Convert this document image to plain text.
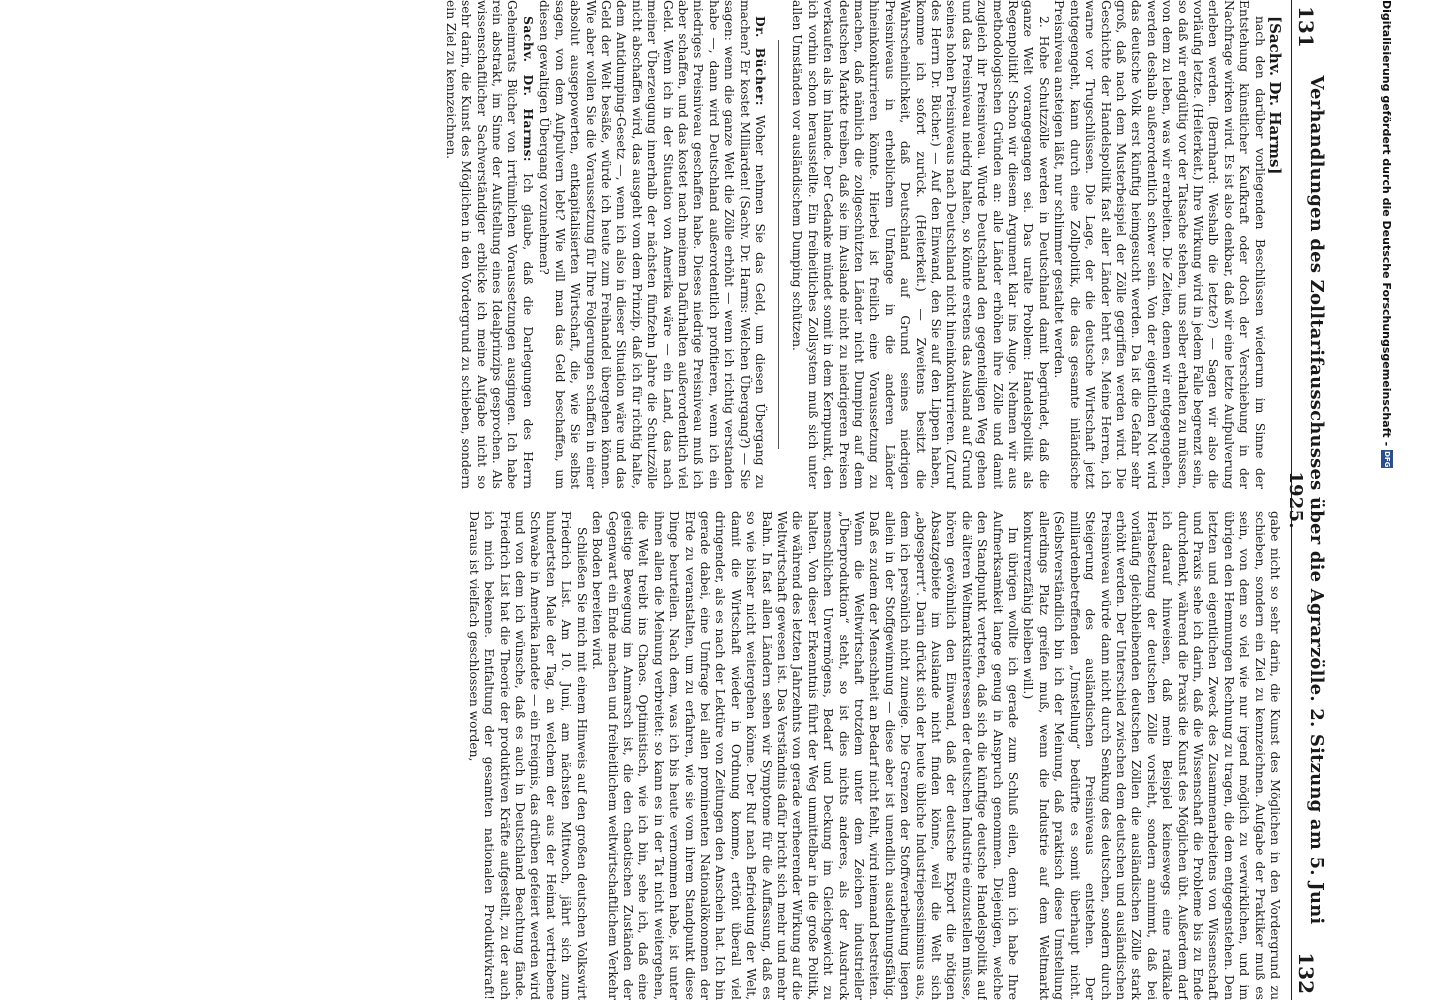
131
Verhandlungen des Zolltarifausschusses über die Agrarzölle. 2. Sitzung am 5. Juni 1925.
132

[Sachv. Dr. Harms]

nach den darüber vorliegenden Beschlüssen wiederum im Sinne der Entstehung künstlicher Kaufkraft oder doch der Verschiebung in der Nachfrage wirken wird. Es ist also denkbar, daß wir eine letzte Aufpulverung erleben werden. (Bernhard: Weshalb die letzte?) — Sagen wir also die vorläufig letzte. (Heiterkeit.) Ihre Wirkung wird in jedem Falle begrenzt sein, so daß wir endgültig vor der Tatsache stehen, uns selber erhalten zu müssen, von dem zu leben, was wir erarbeiten. Die Zeiten, denen wir entgegengehen, werden deshalb außerordentlich schwer sein. Von der eigentlichen Not wird das deutsche Volk erst künftig heimgesucht werden. Da ist die Gefahr sehr groß, daß nach dem Musterbeispiel der Zölle gegriffen werden wird. Die Geschichte der Handelspolitik fast aller Länder lehrt es. Meine Herren, ich warne vor Trugschlüssen. Die Lage, der die deutsche Wirtschaft jetzt entgegengeht, kann durch eine Zollpolitik, die das gesamte inländische Preisniveau ansteigen läßt, nur schlimmer gestaltet werden.

2. Hohe Schutzzölle werden in Deutschland damit begründet, daß die ganze Welt vorangegangen sei. Das uralte Problem: Handelspolitik als Regenpolitik! Schon wir diesem Argument klar ins Auge. Nehmen wir aus methodologischen Gründen an: alle Länder erhöhen ihre Zölle und damit zugleich ihr Preisniveau. Würde Deutschland den gegenteiligen Weg gehen und das Preisniveau niedrig halten, so könnte erstens das Ausland auf Grund seines hohen Preisniveaus nach Deutschland nicht hineinkonkurrieren. (Zuruf des Herrn Dr. Bücher.) — Auf den Einwand, den Sie auf den Lippen haben, komme ich sofort zurück. (Heiterkeit.) — Zweitens besitzt die Wahrscheinlichkeit, daß Deutschland auf Grund seines niedrigen Preisniveaus in erheblichem Umfange in die anderen Länder hineinkonkurrieren könnte. Hierbei ist freilich eine Voraussetzung zu machen, daß nämlich die zollgeschützten Länder nicht Dumping auf dem deutschen Markte treiben, daß sie im Auslande nicht zu niedrigeren Preisen verkaufen als im Inlande. Der Gedanke mündet somit in dem Kernpunkt, den ich vorhin schon herausstellte. Ein freiheitliches Zollsystem muß sich unter allen Umständen vor ausländischem Dumping schützen.

Dr. Bücher: Woher nehmen Sie das Geld, um diesen Übergang zu machen? Er kostet Milliarden! (Sachv. Dr. Harms: Welchen Übergang?) — Sie sagen: wenn die ganze Welt die Zölle erhöht — wenn ich richtig verstanden habe —, dann wird Deutschland außerordentlich profitieren, wenn ich ein niedriges Preisniveau geschaffen habe. Dieses niedrige Preisniveau muß ich aber schaffen, und das kostet nach meinem Dafürhalten außerordentlich viel Geld. Wenn ich in der Situation von Amerika wäre — ein Land, das nach meiner Überzeugung innerhalb der nächsten fünfzehn Jahre die Schutzzölle nicht abschaffen wird, das ausgeht vom dem Prinzip, daß ich für richtig halte, dem Antidumping-Gesetz —, wenn ich also in dieser Situation wäre und das Geld der Welt besäße, würde ich heute zum Freihandel übergehen können. Wie aber wollen Sie die Voraussetzung für Ihre Folgerungen schaffen in einer absolut ausgepowerten, entkapitalisierten Wirtschaft, die, wie Sie selbst sagen, von dem Aufpulvern lebt? Wie will man das Geld beschaffen, um diesen gewaltigen Übergang vorzunehmen?

Sachv. Dr. Harms: Ich glaube, daß die Darlegungen des Herrn Geheimrats Bücher von irrtümlichen Voraussetzungen ausgingen. Ich habe rein abstrakt, im Sinne der Aufstellung eines Idealprinzips gesprochen. Als wissenschaftlicher Sachverständiger erblicke ich meine Aufgabe nicht so sehr darin, die Kunst des Möglichen in den Vordergrund zu schieben, sondern ein Ziel zu kennzeichnen.

gabe nicht so sehr darin, die Kunst des Möglichen in den Vordergrund zu schieben, sondern ein Ziel zu kennzeichnen. Aufgabe der Praktiker muß es sein, von dem so viel wie nur irgend möglich zu verwirklichen, und im übrigen den Hemmungen Rechnung zu tragen, die dem entgegenstehen. Den letzten und eigentlichen Zweck des Zusammenarbeitens von Wissenschaft und Praxis sehe ich darin, daß die Wissenschaft die Probleme bis zu Ende durchdenkt, während die Praxis die Kunst des Möglichen übt. Außerdem darf ich darauf hinweisen, daß mein Beispiel keineswegs eine radikale Herabsetzung der deutschen Zölle vorsieht, sondern annimmt, daß bei vorläufig gleichbleibenden deutschen Zöllen die ausländischen Zölle stark erhöht werden. Der Unterschied zwischen dem deutschen und ausländischen Preisniveau würde dann nicht durch Senkung des deutschen, sondern durch Steigerung des ausländischen Preisniveaus entstehen. Der milliardenbetreffenden „Umstellung“ bedürfte es somit überhaupt nicht. (Selbstverständlich bin ich der Meinung, daß praktisch diese Umstellung allerdings Platz greifen muß, wenn die Industrie auf dem Weltmarkt konkurrenzfähig bleiben will.)

Im übrigen wollte ich gerade zum Schluß eilen, denn ich habe Ihre Aufmerksamkeit lange genug in Anspruch genommen. Diejenigen, welche den Standpunkt vertreten, daß sich die künftige deutsche Handelspolitik auf die älteren Weltmarktsinteressen der deutschen Industrie einzustellen müsse, hören gewöhnlich den Einwand, daß der deutsche Export die nötigen Absatzgebiete im Auslande nicht finden könne, weil die Welt sich „abgesperrt“. Darin drückt sich der heute übliche Industriepessimismus aus, dem ich persönlich nicht zuneige. Die Grenzen der Stoffverarbeitung liegen allein in der Stoffgewinnung — diese aber ist unendlich ausdehnungsfähig. Daß es zudem der Menschheit an Bedarf nicht fehlt, wird niemand bestreiten. Wenn die Weltwirtschaft trotzdem unter dem Zeichen industrieller „Überproduktion“ steht, so ist dies nichts anderes, als der Ausdruck menschlichen Unvermögens, Bedarf und Deckung im Gleichgewicht zu halten. Von dieser Erkenntnis führt der Weg unmittelbar in die große Politik, die während des letzten Jahrzehnts von gerade verheerender Wirkung auf die Weltwirtschaft gewesen ist. Das Verständnis dafür bricht sich mehr und mehr Bahn. In fast allen Ländern sehen wir Symptome für die Auffassung, daß es so wie bisher nicht weitergehen könne. Der Ruf nach Befriedung der Welt, damit die Wirtschaft wieder in Ordnung komme, ertönt überall viel dringender, als es nach der Lektüre von Zeitungen den Anschein hat. Ich bin gerade dabei, eine Umfrage bei allen prominenten Nationalökonomen der Erde zu veranstalten, um zu erfahren, wie sie vom ihrem Standpunkt diese Dinge beurteilen. Nach dem, was ich bis heute vernommen habe, ist unter ihnen allen die Meinung verbreitet: so kann es in der Tat nicht weitergehen, die Welt treibt ins Chaos. Optimistisch, wie ich bin, sehe ich, daß eine geistige Bewegung im Anmarsch ist, die den chaotischen Zuständen der Gegenwart ein Ende machen und freiheitlichem weltwirtschaftlichem Verkehr den Boden bereiten wird.

Schließen Sie mich mit einem Hinweis auf den großen deutschen Volkswirt Friedrich List. Am 10. Juni, am nächsten Mittwoch, jährt sich zum hundertsten Male der Tag, an welchem der aus der Heimat vertriebene Schwabe in Amerika landete — ein Ereignis, das drüben gefeiert werden wird und von dem ich wünsche, daß es auch in Deutschland Beachtung fände. Friedrich List hat die Theorie der produktiven Kräfte aufgestellt, zu der auch ich mich bekenne. Entfaltung der gesamten nationalen Produktivkraft! Daraus ist vielfach geschlossen worden,

Digitalisierung gefördert durch die Deutsche Forschungsgemeinschaft
-
DFG
